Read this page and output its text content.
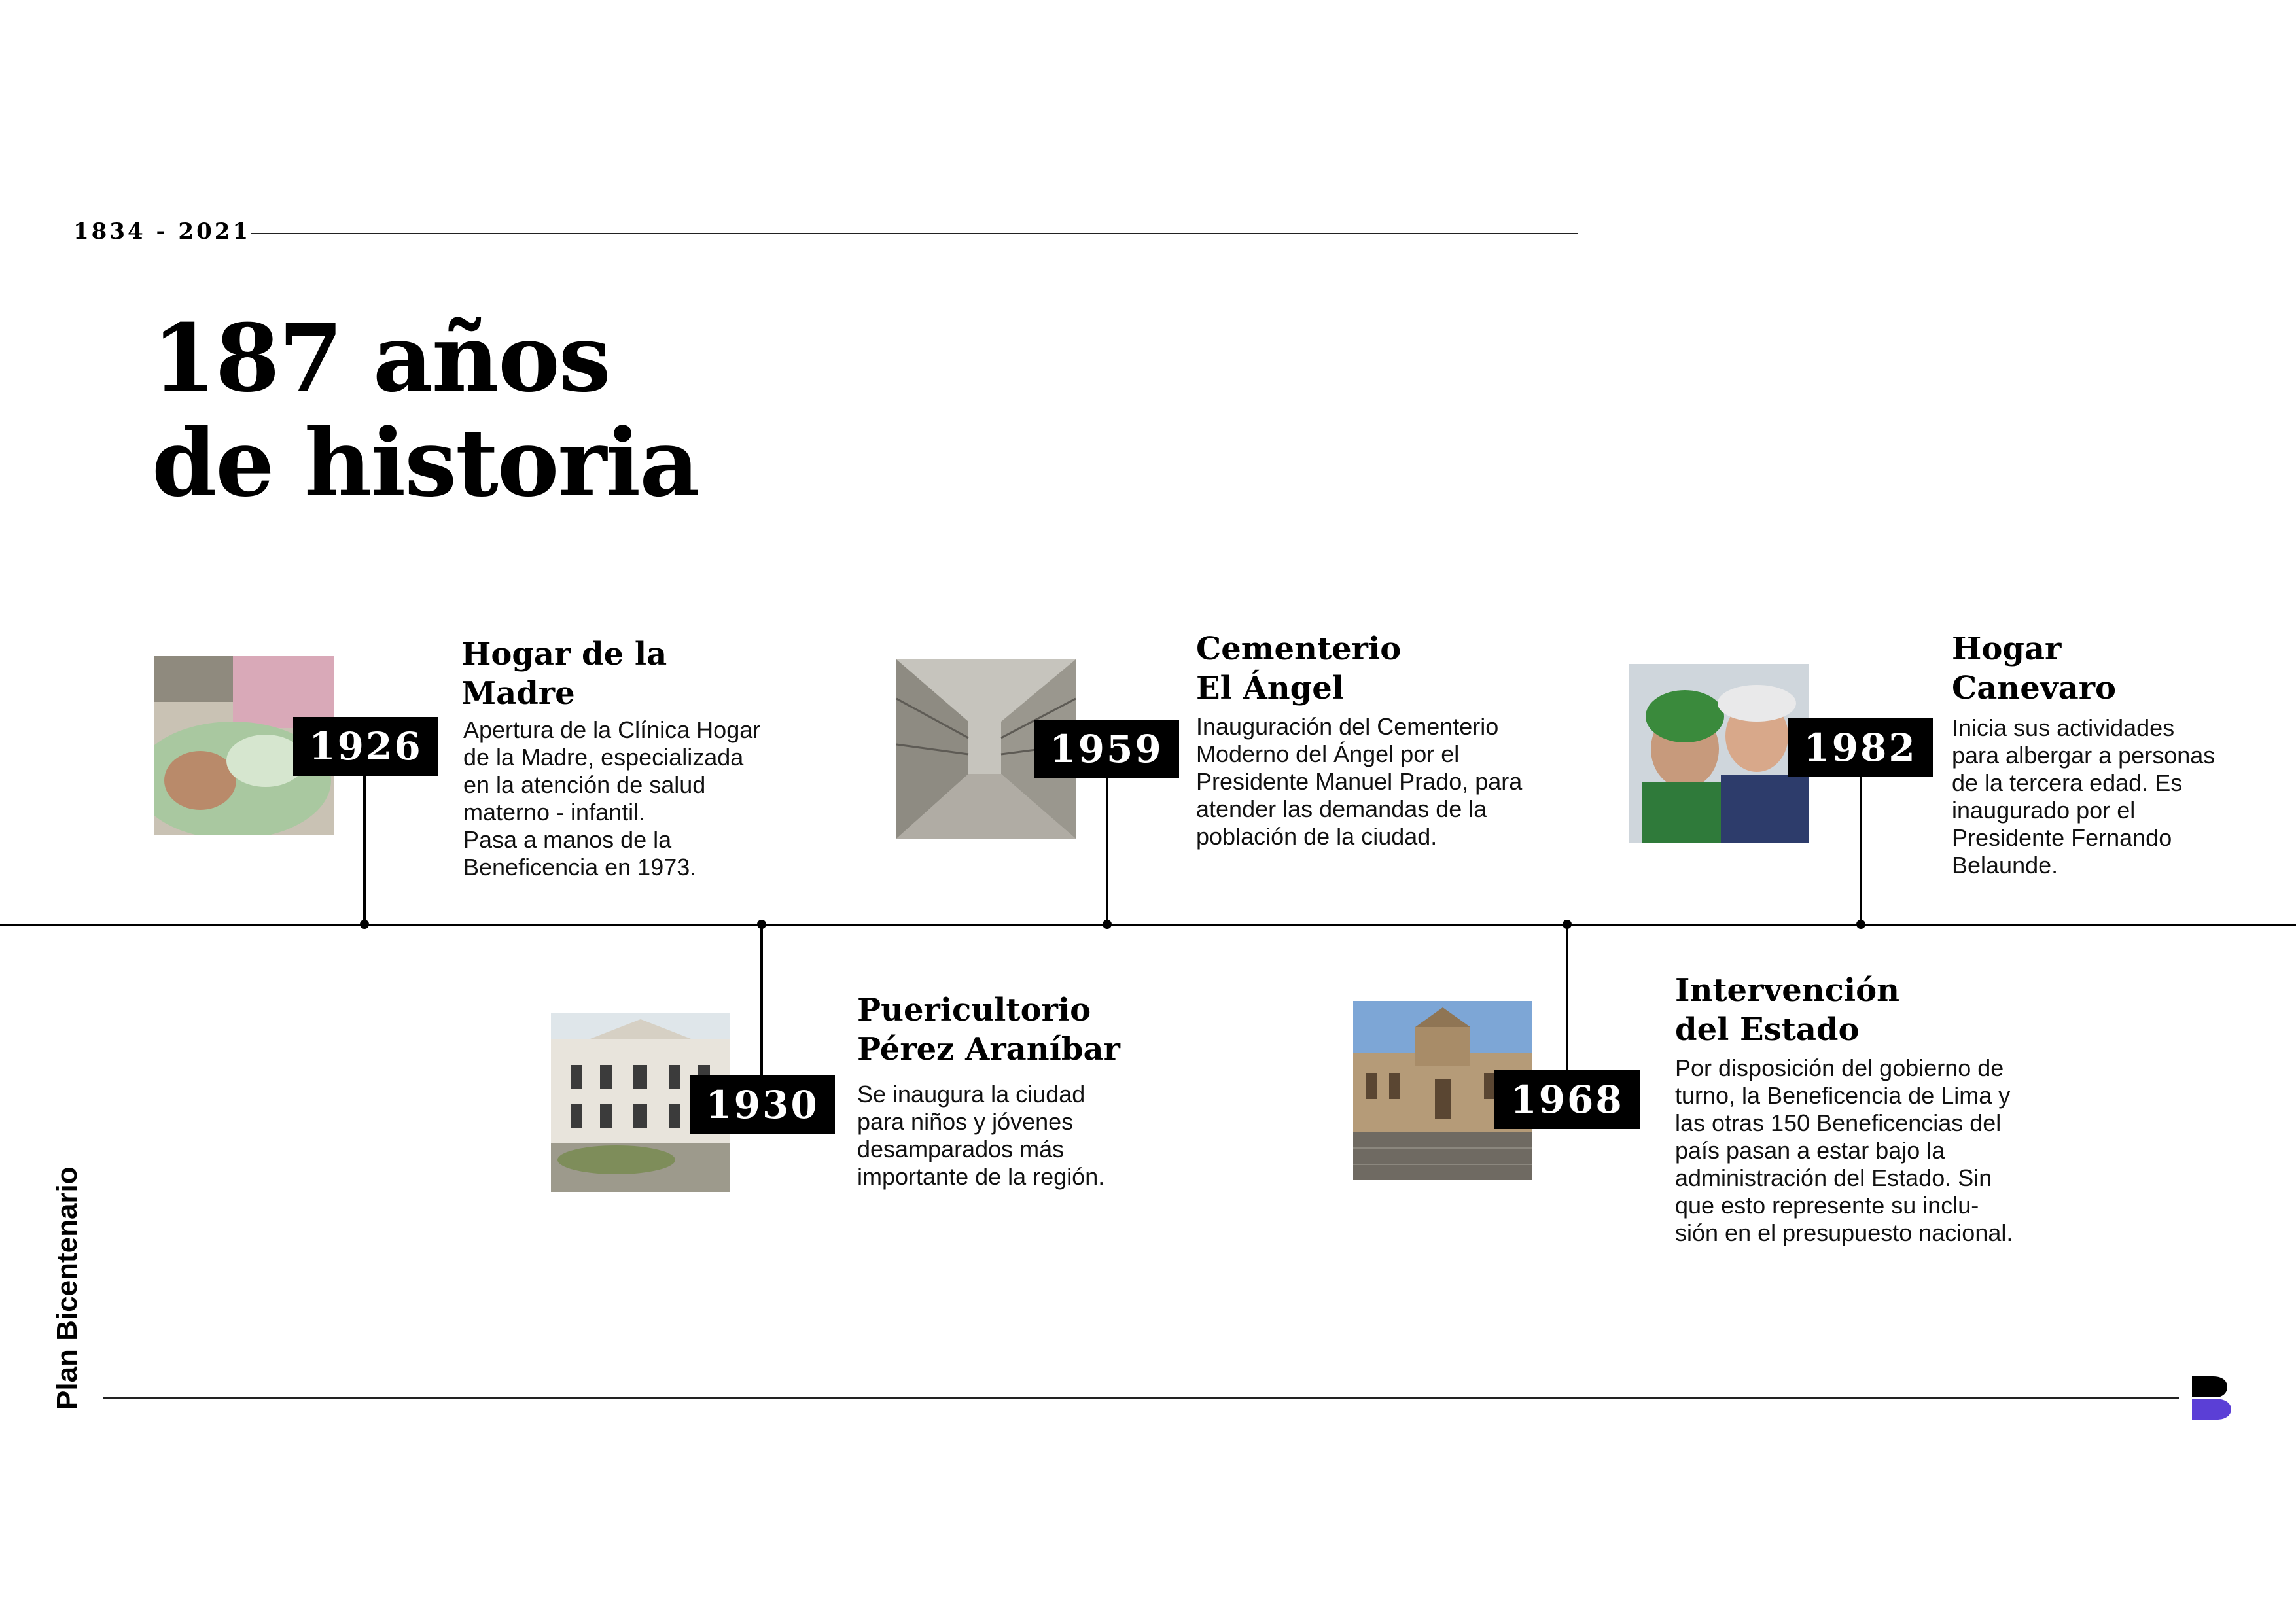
1834 - 2021
187 años
de historia
1926
Hogar de la
Madre
Apertura de la Clínica Hogar
de la Madre, especializada
en la atención de salud
materno - infantil.
Pasa a manos de la
Beneficencia en 1973.
1930
Puericultorio
Pérez Araníbar
Se inaugura la ciudad
para niños y jóvenes
desamparados más
importante de la región.
1959
Cementerio
El Ángel
Inauguración del Cementerio
Moderno del Ángel por el
Presidente Manuel Prado, para
atender las demandas de la
población de la ciudad.
1968
Intervención
del Estado
Por disposición del gobierno de
turno, la Beneficencia de Lima y
las otras 150 Beneficencias del
país pasan a estar bajo la
administración del Estado. Sin
que esto represente su inclu-
sión en el presupuesto nacional.
1982
Hogar
Canevaro
Inicia sus actividades
para albergar a personas
de la tercera edad. Es
inaugurado por el
Presidente Fernando
Belaunde.
Plan Bicentenario
